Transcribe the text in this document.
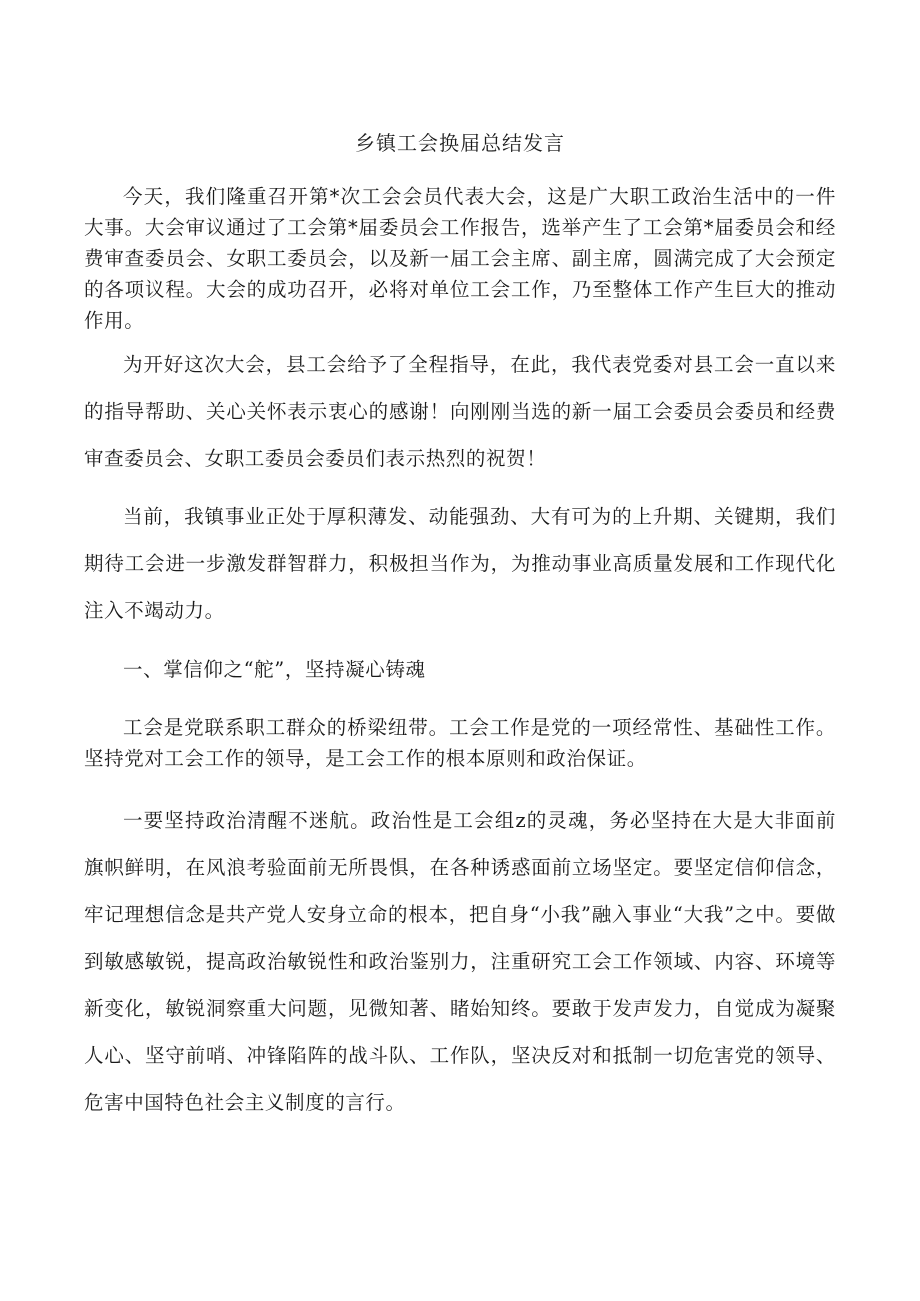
乡镇工会换届总结发言

今天，我们隆重召开第*次工会会员代表大会，这是广大职工政治生活中的一件大事。大会审议通过了工会第*届委员会工作报告，选举产生了工会第*届委员会和经费审查委员会、女职工委员会，以及新一届工会主席、副主席，圆满完成了大会预定的各项议程。大会的成功召开，必将对单位工会工作，乃至整体工作产生巨大的推动作用。

为开好这次大会，县工会给予了全程指导，在此，我代表党委对县工会一直以来的指导帮助、关心关怀表示衷心的感谢！向刚刚当选的新一届工会委员会委员和经费审查委员会、女职工委员会委员们表示热烈的祝贺！

当前，我镇事业正处于厚积薄发、动能强劲、大有可为的上升期、关键期，我们期待工会进一步激发群智群力，积极担当作为，为推动事业高质量发展和工作现代化注入不竭动力。

一、掌信仰之“舵”，坚持凝心铸魂

工会是党联系职工群众的桥梁纽带。工会工作是党的一项经常性、基础性工作。坚持党对工会工作的领导，是工会工作的根本原则和政治保证。

一要坚持政治清醒不迷航。政治性是工会组z的灵魂，务必坚持在大是大非面前旗帜鲜明，在风浪考验面前无所畏惧，在各种诱惑面前立场坚定。要坚定信仰信念，牢记理想信念是共产党人安身立命的根本，把自身“小我”融入事业“大我”之中。要做到敏感敏锐，提高政治敏锐性和政治鉴别力，注重研究工会工作领域、内容、环境等新变化，敏锐洞察重大问题，见微知著、睹始知终。要敢于发声发力，自觉成为凝聚人心、坚守前哨、冲锋陷阵的战斗队、工作队，坚决反对和抵制一切危害党的领导、危害中国特色社会主义制度的言行。
